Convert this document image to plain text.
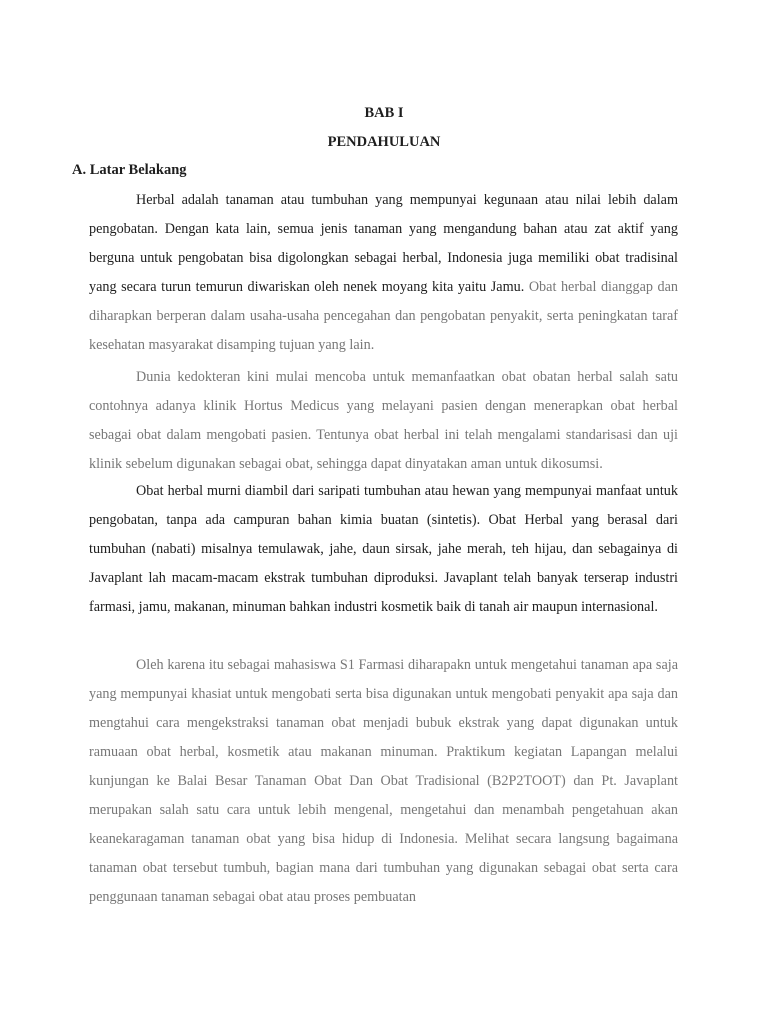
BAB I
PENDAHULUAN
A. Latar Belakang

Herbal adalah tanaman atau tumbuhan yang mempunyai kegunaan atau nilai lebih dalam pengobatan. Dengan kata lain, semua jenis tanaman yang mengandung bahan atau zat aktif yang berguna untuk pengobatan bisa digolongkan sebagai herbal, Indonesia juga memiliki obat tradisinal yang secara turun temurun diwariskan oleh nenek moyang kita yaitu Jamu. Obat herbal dianggap dan diharapkan berperan dalam usaha-usaha pencegahan dan pengobatan penyakit, serta peningkatan taraf kesehatan masyarakat disamping tujuan yang lain.

Dunia kedokteran kini mulai mencoba untuk memanfaatkan obat obatan herbal salah satu contohnya adanya klinik Hortus Medicus yang melayani pasien dengan menerapkan obat herbal sebagai obat dalam mengobati pasien. Tentunya obat herbal ini telah mengalami standarisasi dan uji klinik sebelum digunakan sebagai obat, sehingga dapat dinyatakan aman untuk dikosumsi.

Obat herbal murni diambil dari saripati tumbuhan atau hewan yang mempunyai manfaat untuk pengobatan, tanpa ada campuran bahan kimia buatan (sintetis). Obat Herbal yang berasal dari tumbuhan (nabati) misalnya temulawak, jahe, daun sirsak, jahe merah, teh hijau, dan sebagainya di Javaplant lah macam-macam ekstrak tumbuhan diproduksi. Javaplant telah banyak terserap industri farmasi, jamu, makanan, minuman bahkan industri kosmetik baik di tanah air maupun internasional.

Oleh karena itu sebagai mahasiswa S1 Farmasi diharapakn untuk mengetahui tanaman apa saja yang mempunyai khasiat untuk mengobati serta bisa digunakan untuk mengobati penyakit apa saja dan mengtahui cara mengekstraksi tanaman obat menjadi bubuk ekstrak yang dapat digunakan untuk ramuaan obat herbal, kosmetik atau makanan minuman. Praktikum kegiatan Lapangan melalui kunjungan ke Balai Besar Tanaman Obat Dan Obat Tradisional (B2P2TOOT) dan Pt. Javaplant merupakan salah satu cara untuk lebih mengenal, mengetahui dan menambah pengetahuan akan keanekaragaman tanaman obat yang bisa hidup di Indonesia. Melihat secara langsung bagaimana tanaman obat tersebut tumbuh, bagian mana dari tumbuhan yang digunakan sebagai obat serta cara penggunaan tanaman sebagai obat atau proses pembuatan
